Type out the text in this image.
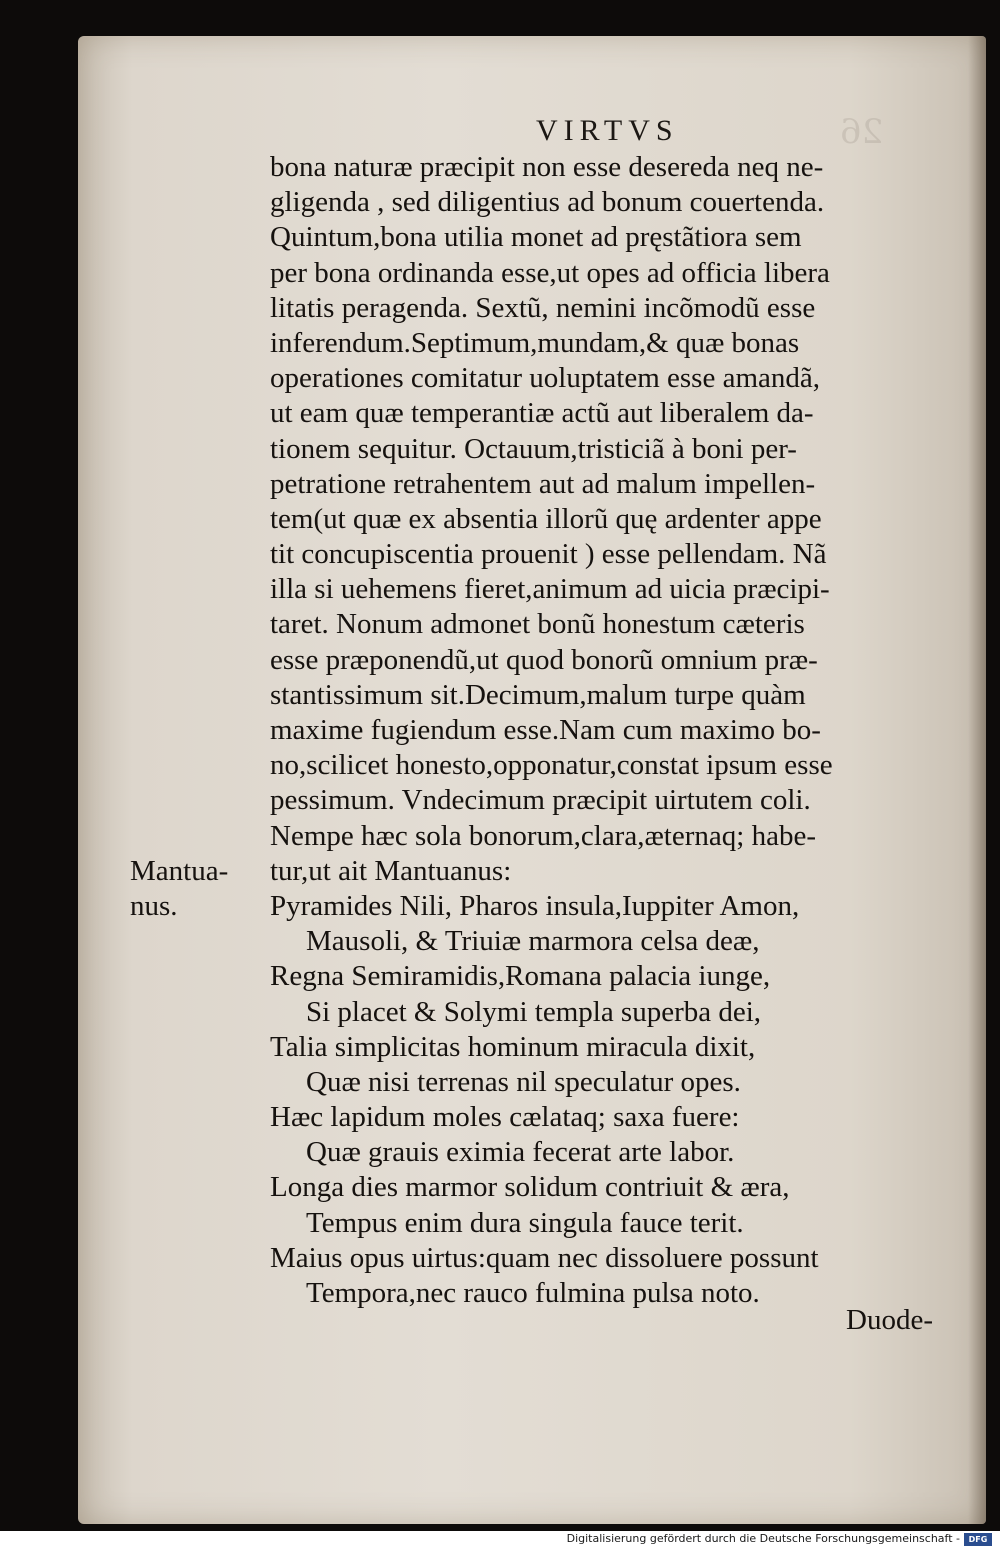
26
VIRTVS
bona naturæ præcipit non esse desereda neq ne-
gligenda , sed diligentius ad bonum couertenda.
Quintum,bona utilia monet ad pręstãtiora sem
per bona ordinanda esse,ut opes ad officia libera
litatis peragenda. Sextũ, nemini incõmodũ esse
inferendum.Septimum,mundam,& quæ bonas
operationes comitatur uoluptatem esse amandã,
ut eam quæ temperantiæ actũ aut liberalem da-
tionem sequitur. Octauum,tristiciã à boni per-
petratione retrahentem aut ad malum impellen-
tem(ut quæ ex absentia illorũ quę ardenter appe
tit concupiscentia prouenit ) esse pellendam. Nã
illa si uehemens fieret,animum ad uicia præcipi-
taret. Nonum admonet bonũ honestum cæteris
esse præponendũ,ut quod bonorũ omnium præ-
stantissimum sit.Decimum,malum turpe quàm
maxime fugiendum esse.Nam cum maximo bo-
no,scilicet honesto,opponatur,constat ipsum esse
pessimum. Vndecimum præcipit uirtutem coli.
Nempe hæc sola bonorum,clara,æternaq; habe-
tur,ut ait Mantuanus:
Pyramides Nili, Pharos insula,Iuppiter Amon,
Mausoli, & Triuiæ marmora celsa deæ,
Regna Semiramidis,Romana palacia iunge,
Si placet & Solymi templa superba dei,
Talia simplicitas hominum miracula dixit,
Quæ nisi terrenas nil speculatur opes.
Hæc lapidum moles cælataq; saxa fuere:
Quæ grauis eximia fecerat arte labor.
Longa dies marmor solidum contriuit & æra,
Tempus enim dura singula fauce terit.
Maius opus uirtus:quam nec dissoluere possunt
Tempora,nec rauco fulmina pulsa noto.
Mantua-
nus.
Duode-
Digitalisierung gefördert durch die Deutsche Forschungsgemeinschaft -	DFG
